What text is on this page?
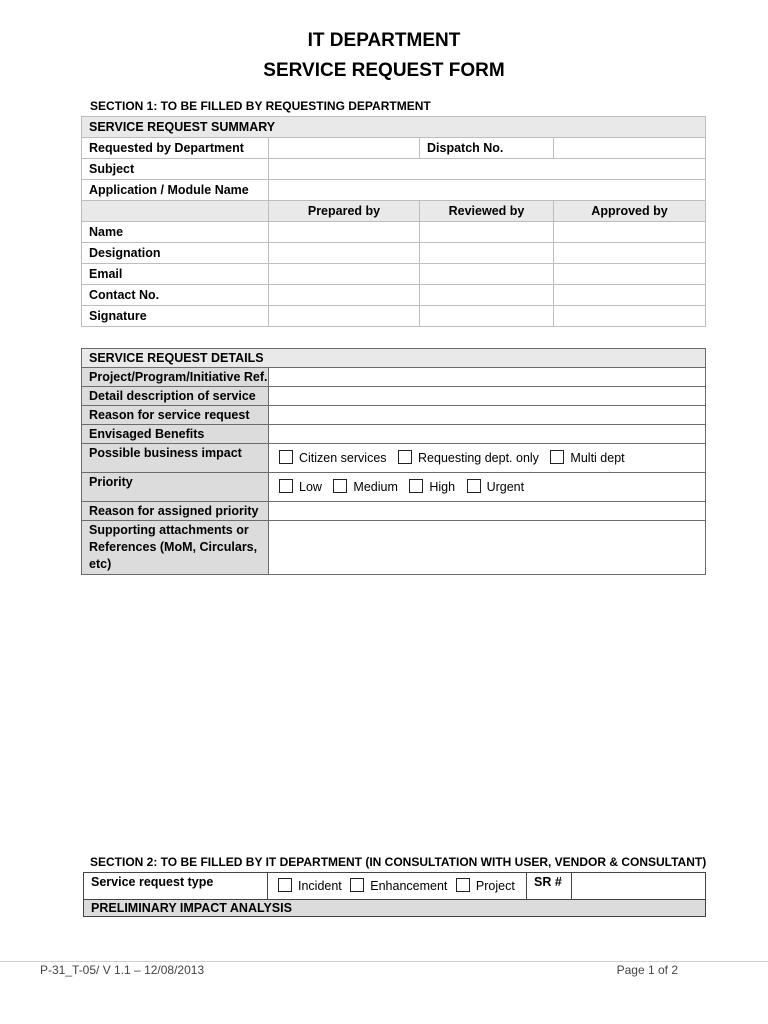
IT DEPARTMENT
SERVICE REQUEST FORM
SECTION 1: TO BE FILLED BY REQUESTING DEPARTMENT
SERVICE REQUEST SUMMARY			
Requested by Department		Dispatch No.	
Subject			
Application / Module Name			
	Prepared by	Reviewed by	Approved by
Name			
Designation			
Email			
Contact No.			
Signature			
SERVICE REQUEST DETAILS	
Project/Program/Initiative Ref.	
Detail description of service	
Reason for service request	
Envisaged Benefits	
Possible business impact	Citizen services Requesting dept. only Multi dept
Priority	Low Medium High Urgent
Reason for assigned priority	

Supporting attachments or
References (MoM, Circulars,
etc)	

SECTION 2: TO BE FILLED BY IT DEPARTMENT (IN CONSULTATION WITH USER, VENDOR & CONSULTANT)
Service request type	Incident Enhancement Project	SR #	
PRELIMINARY IMPACT ANALYSIS
P-31_T-05/ V 1.1 – 12/08/2013	Page 1 of 2
